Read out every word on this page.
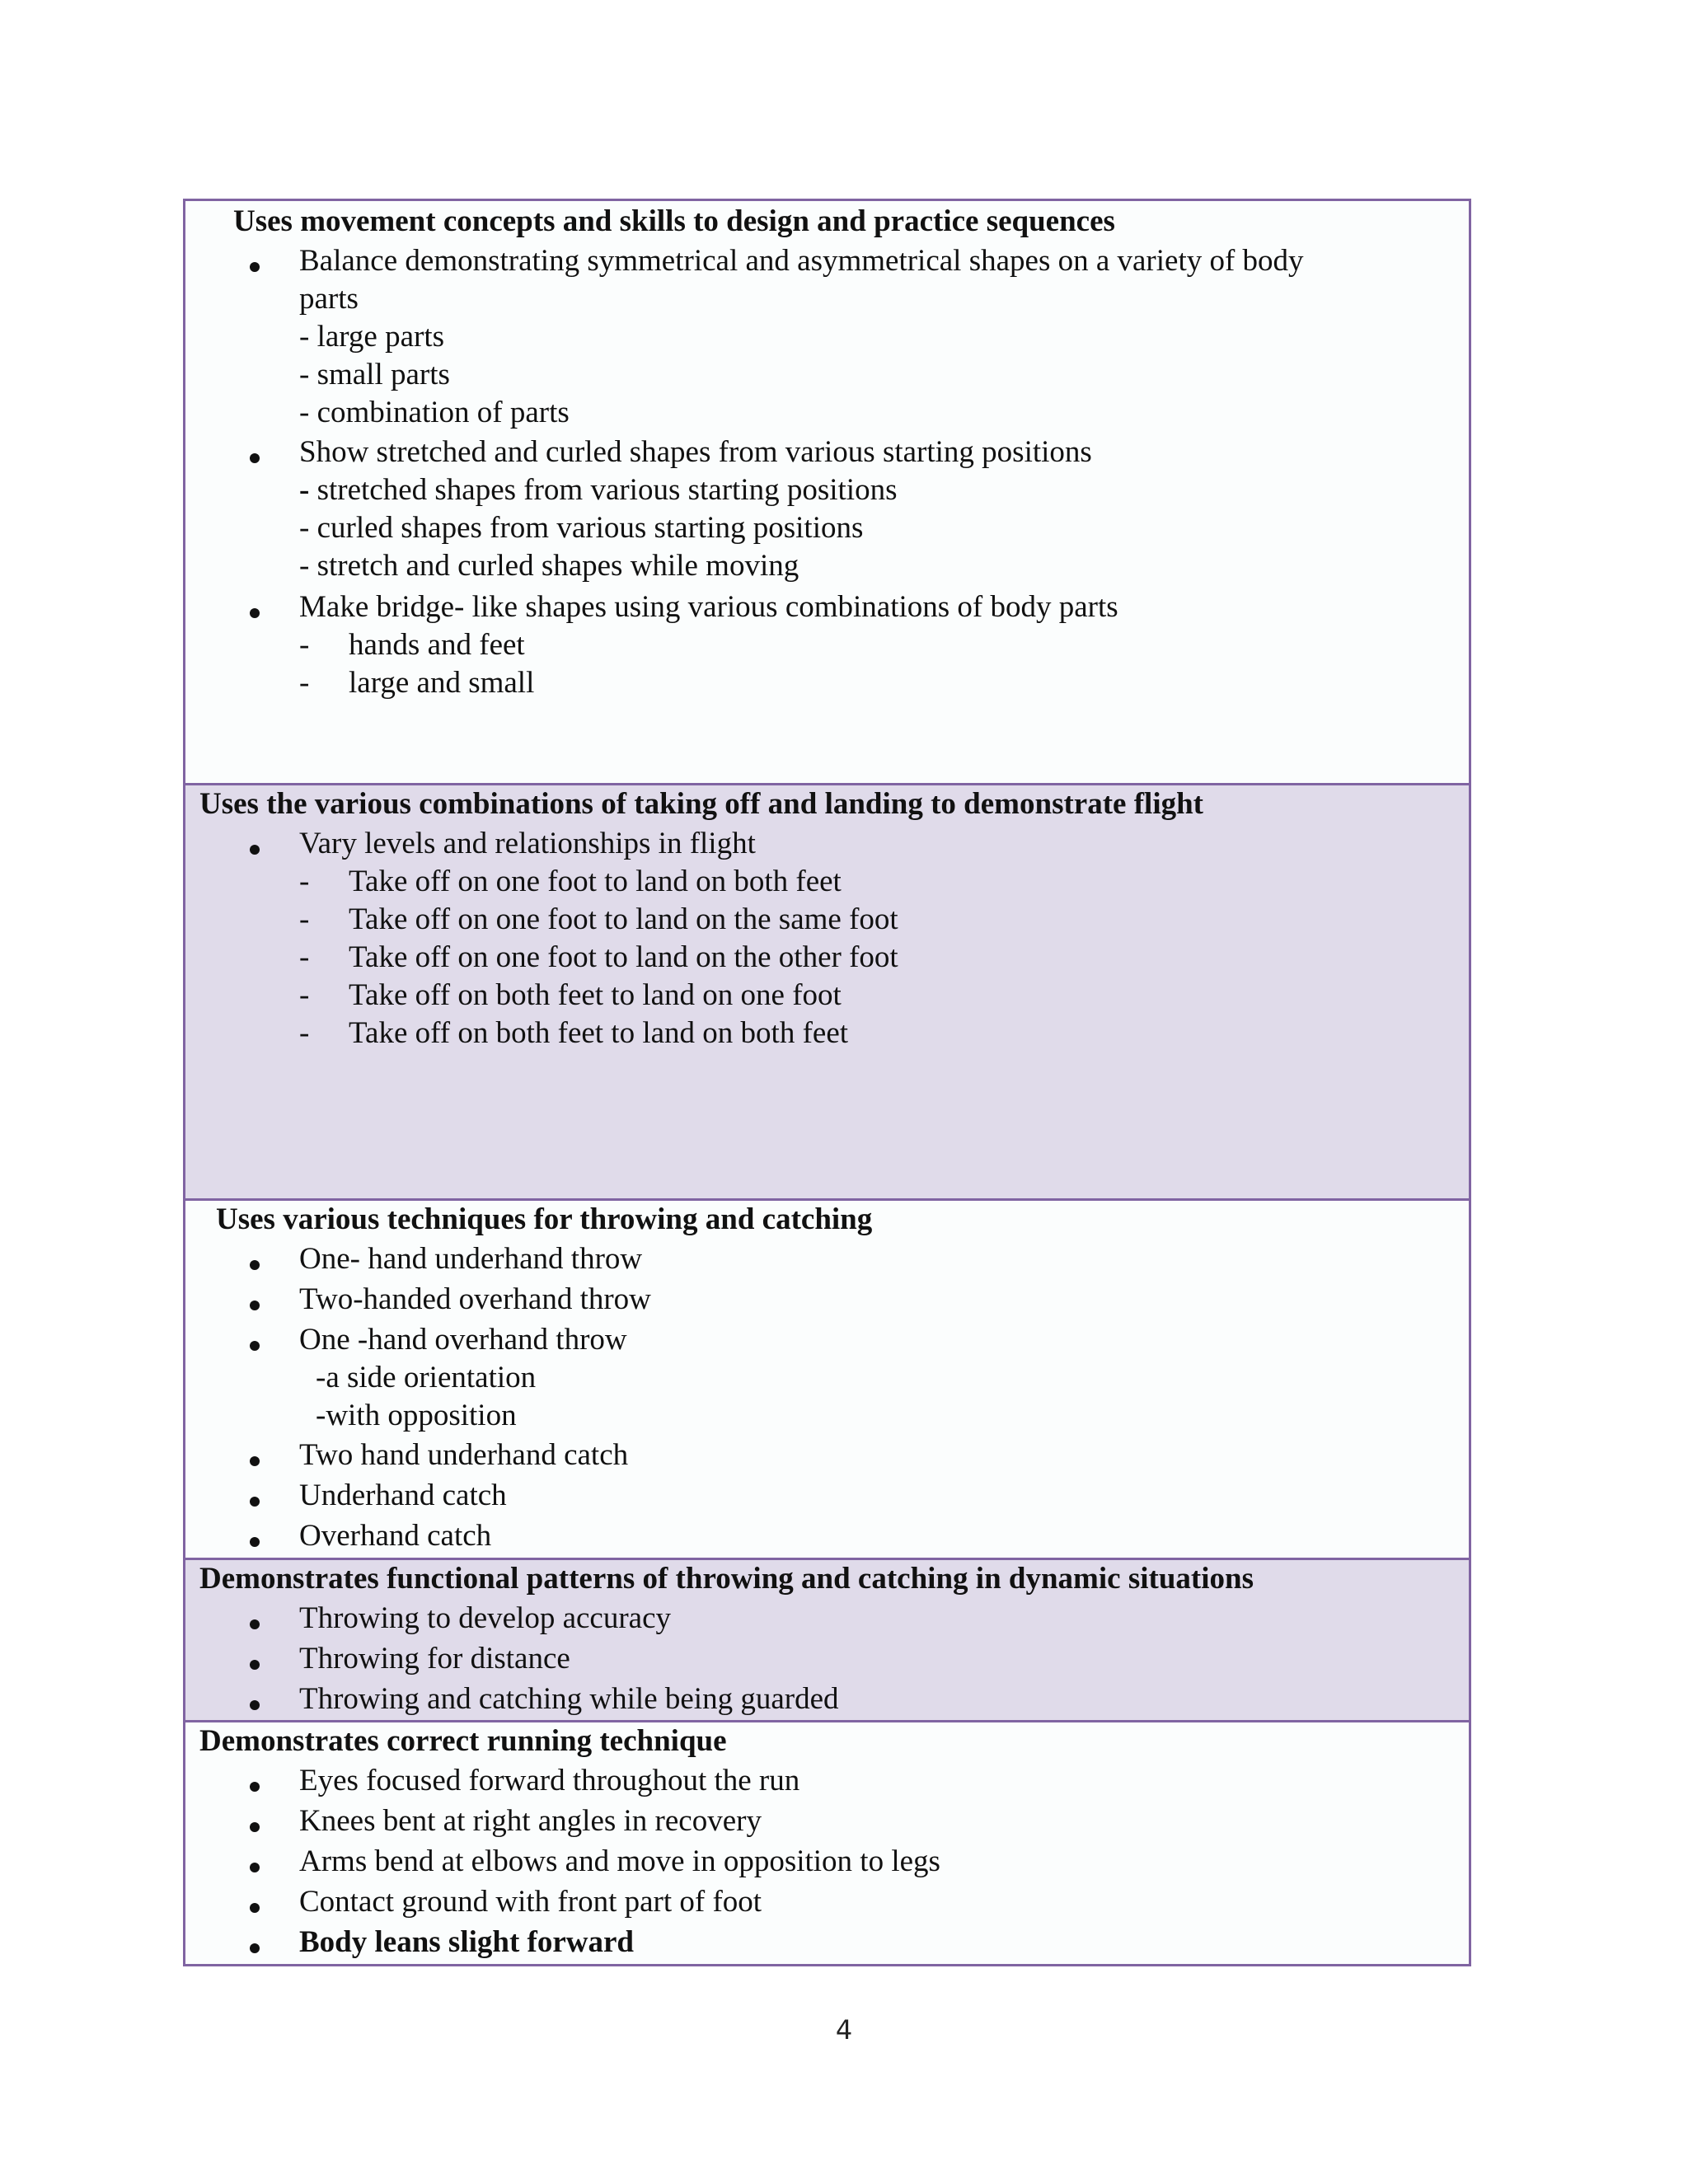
Uses movement concepts and skills to design and practice sequences
Balance demonstrating symmetrical and asymmetrical shapes on a variety of body
parts
- large parts
- small parts
- combination of parts
Show stretched and curled shapes from various starting positions
- stretched shapes from various starting positions
- curled shapes from various starting positions
- stretch and curled shapes while moving
Make bridge- like shapes using various combinations of body parts
- hands and feet
- large and small
Uses the various combinations of taking off and landing to demonstrate flight
Vary levels and relationships in flight
- Take off on one foot to land on both feet
- Take off on one foot to land on the same foot
- Take off on one foot to land on the other foot
- Take off on both feet to land on one foot
- Take off on both feet to land on both feet
Uses various techniques for throwing and catching
One- hand underhand throw
Two-handed overhand throw
One -hand overhand throw
-a side orientation
-with opposition
Two hand underhand catch
Underhand catch
Overhand catch
Demonstrates functional patterns of throwing and catching in dynamic situations
Throwing to develop accuracy
Throwing for distance
Throwing and catching while being guarded
Demonstrates correct running technique
Eyes focused forward throughout the run
Knees bent at right angles in recovery
Arms bend at elbows and move in opposition to legs
Contact ground with front part of foot
Body leans slight forward
4
